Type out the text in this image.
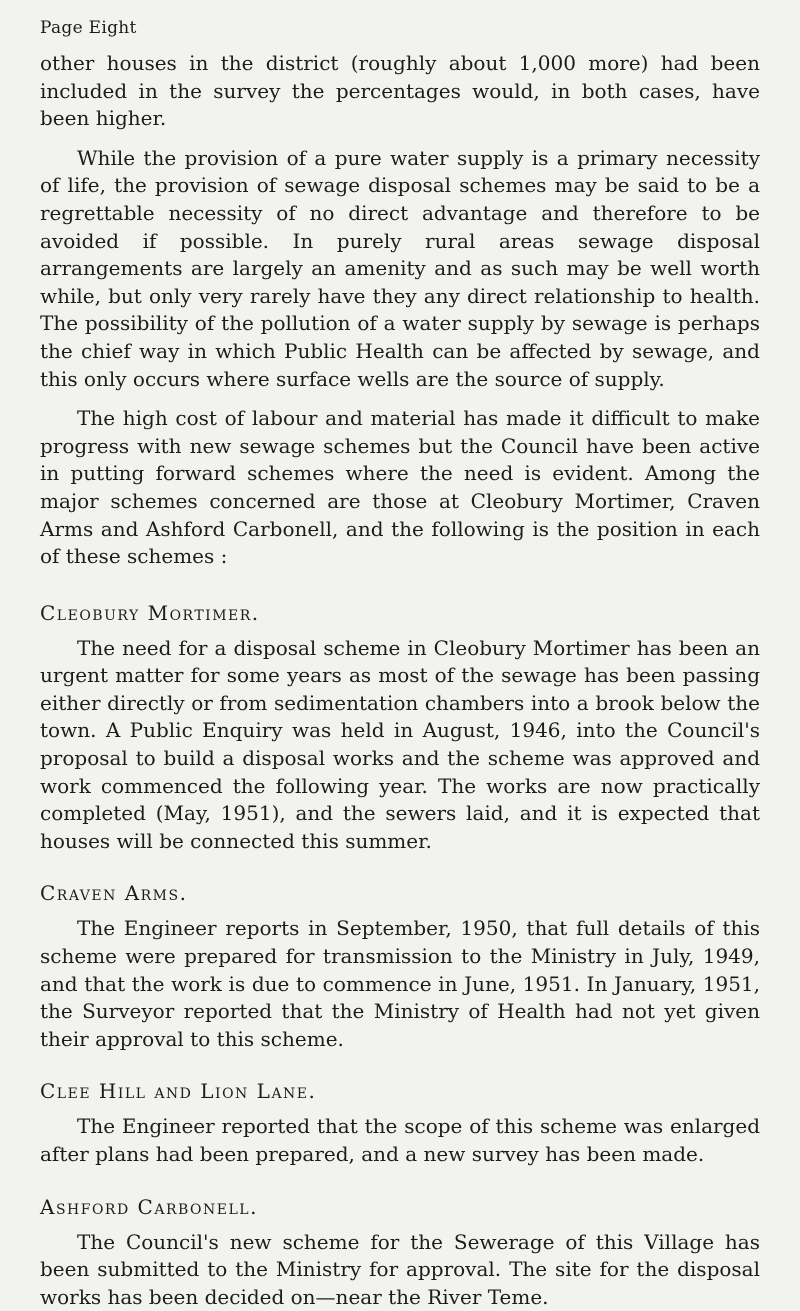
Page Eight

other houses in the district (roughly about 1,000 more) had been included in the survey the percentages would, in both cases, have been higher.

While the provision of a pure water supply is a primary necessity of life, the provision of sewage disposal schemes may be said to be a regrettable necessity of no direct advantage and therefore to be avoided if possible. In purely rural areas sewage disposal arrangements are largely an amenity and as such may be well worth while, but only very rarely have they any direct relationship to health. The possibility of the pollution of a water supply by sewage is perhaps the chief way in which Public Health can be affected by sewage, and this only occurs where surface wells are the source of supply.

The high cost of labour and material has made it difficult to make progress with new sewage schemes but the Council have been active in putting forward schemes where the need is evident. Among the major schemes concerned are those at Cleobury Mortimer, Craven Arms and Ashford Carbonell, and the following is the position in each of these schemes :

Cleobury Mortimer.

The need for a disposal scheme in Cleobury Mortimer has been an urgent matter for some years as most of the sewage has been passing either directly or from sedimentation chambers into a brook below the town. A Public Enquiry was held in August, 1946, into the Council's proposal to build a disposal works and the scheme was approved and work commenced the following year. The works are now practically completed (May, 1951), and the sewers laid, and it is expected that houses will be connected this summer.

Craven Arms.

The Engineer reports in September, 1950, that full details of this scheme were prepared for transmission to the Ministry in July, 1949, and that the work is due to commence in June, 1951. In January, 1951, the Surveyor reported that the Ministry of Health had not yet given their approval to this scheme.

Clee Hill and Lion Lane.

The Engineer reported that the scope of this scheme was enlarged after plans had been prepared, and a new survey has been made.

Ashford Carbonell.

The Council's new scheme for the Sewerage of this Village has been submitted to the Ministry for approval. The site for the disposal works has been decided on—near the River Teme.
